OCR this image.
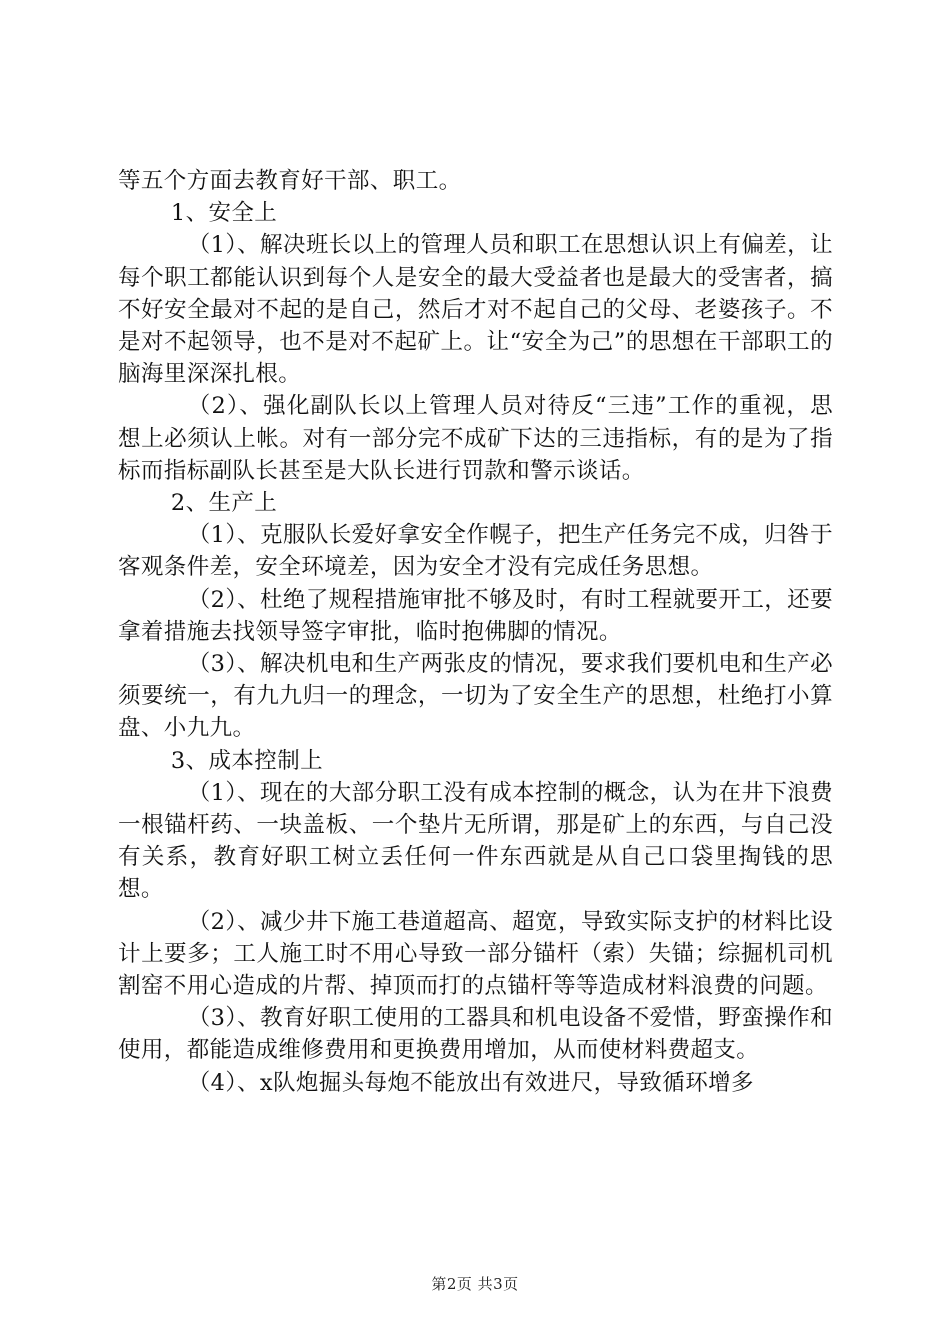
等五个方面去教育好干部、职工。

1、安全上

（1）、解决班长以上的管理人员和职工在思想认识上有偏差，让每个职工都能认识到每个人是安全的最大受益者也是最大的受害者，搞不好安全最对不起的是自己，然后才对不起自己的父母、老婆孩子。不是对不起领导，也不是对不起矿上。让“安全为己”的思想在干部职工的脑海里深深扎根。

（2）、强化副队长以上管理人员对待反“三违”工作的重视，思想上必须认上帐。对有一部分完不成矿下达的三违指标，有的是为了指标而指标副队长甚至是大队长进行罚款和警示谈话。

2、生产上

（1）、克服队长爱好拿安全作幌子，把生产任务完不成，归咎于客观条件差，安全环境差，因为安全才没有完成任务思想。

（2）、杜绝了规程措施审批不够及时，有时工程就要开工，还要拿着措施去找领导签字审批，临时抱佛脚的情况。

（3）、解决机电和生产两张皮的情况，要求我们要机电和生产必须要统一，有九九归一的理念，一切为了安全生产的思想，杜绝打小算盘、小九九。

3、成本控制上

（1）、现在的大部分职工没有成本控制的概念，认为在井下浪费一根锚杆药、一块盖板、一个垫片无所谓，那是矿上的东西，与自己没有关系，教育好职工树立丢任何一件东西就是从自己口袋里掏钱的思想。

（2）、减少井下施工巷道超高、超宽，导致实际支护的材料比设计上要多；工人施工时不用心导致一部分锚杆（索）失锚；综掘机司机割窑不用心造成的片帮、掉顶而打的点锚杆等等造成材料浪费的问题。

（3）、教育好职工使用的工器具和机电设备不爱惜，野蛮操作和使用，都能造成维修费用和更换费用增加，从而使材料费超支。

（4）、x队炮掘头每炮不能放出有效进尺，导致循环增多

第2页 共3页
